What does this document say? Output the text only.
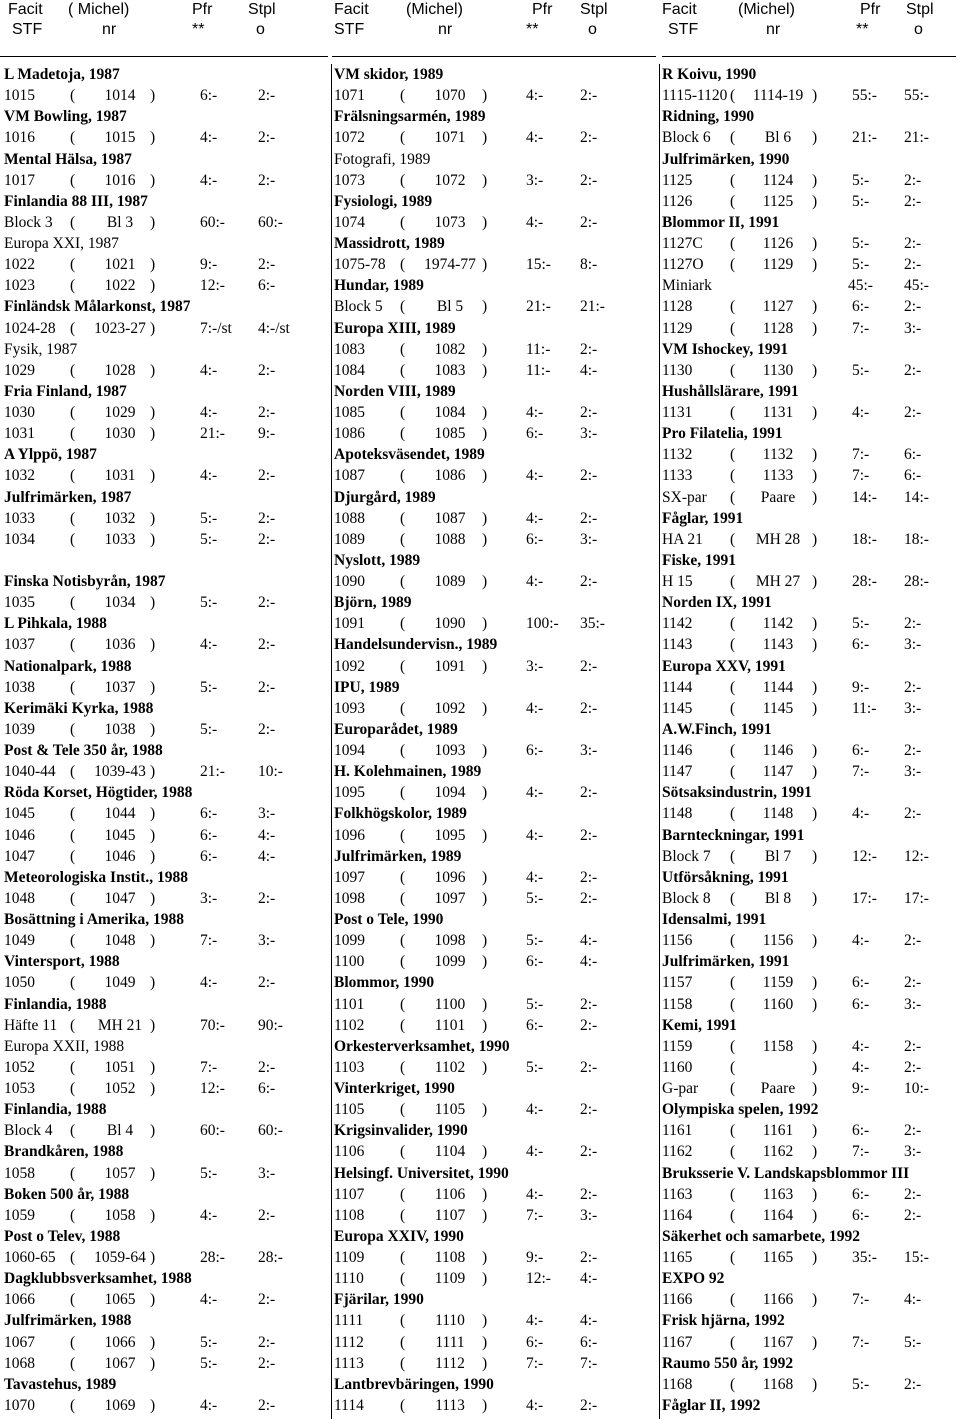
Facit ( Michel)	Pfr Stpl
STF	nr	**	o
L Madetoja, 1987
1015 (	1014 )	6:-	2:-
VM Bowling, 1987
1016 (	1015 )	4:-	2:-
Mental Hälsa, 1987
1017 (	1016 )	4:-	2:-
Finlandia 88 III, 1987
Block 3 (	Bl 3	)	60:- 60:-
Europa XXI, 1987
1022 (	1021 )	9:-	2:-
1023 (	1022 )	12:- 6:-
Finländsk Målarkonst, 1987
1024-28 ( 1023-27 )	7:-/st 4:-/st
Fysik, 1987
1029 (	1028 )	4:-	2:-
Fria Finland, 1987
1030 (	1029 )	4:-	2:-
1031 (	1030 )	21:- 9:-
A Ylppö, 1987
1032 (	1031 )	4:-	2:-
Julfrimärken, 1987
1033 (	1032 )	5:-	2:-
1034 (	1033 )	5:-	2:-
Finska Notisbyrån, 1987
1035 (	1034 )	5:-	2:-
L Pihkala, 1988
1037 (	1036 )	4:-	2:-
Nationalpark, 1988
1038 (	1037 )	5:-	2:-
Kerimäki Kyrka, 1988
1039 (	1038 )	5:-	2:-
Post & Tele 350 år, 1988
1040-44 ( 1039-43 )	21:- 10:-
Röda Korset, Högtider, 1988
1045 (	1044 )	6:-	3:-
1046 (	1045 )	6:-	4:-
1047 (	1046 )	6:-	4:-
Meteorologiska Instit., 1988
1048 (	1047 )	3:-	2:-
Bosättning i Amerika, 1988
1049 (	1048 )	7:-	3:-
Vintersport, 1988
1050 (	1049 )	4:-	2:-
Finlandia, 1988
Häfte 11 (	MH 21 )	70:- 90:-
Europa XXII, 1988
1052 (	1051 )	7:-	2:-
1053 (	1052 )	12:- 6:-
Finlandia, 1988
Block 4 (	Bl 4	)	60:- 60:-
Brandkåren, 1988
1058 (	1057 )	5:-	3:-
Boken 500 år, 1988
1059 (	1058 )	4:-	2:-
Post o Telev, 1988
1060-65 ( 1059-64 )	28:- 28:-
Dagklubbsverksamhet, 1988
1066 (	1065 )	4:-	2:-
Julfrimärken, 1988
1067 (	1066 )	5:-	2:-
1068 (	1067 )	5:-	2:-
Tavastehus, 1989
1070 (	1069 )	4:-	2:-
Facit (Michel)	Pfr Stpl
STF	nr	**	o
VM skidor, 1989
1071 (	1070	)	4:- 2:-
Frälsningsarmén, 1989
1072 (	1071	)	4:- 2:-
Fotografi, 1989
1073 (	1072	)	3:- 2:-
Fysiologi, 1989
1074 (	1073	)	4:- 2:-
Massidrott, 1989
1075-78 ( 1974-77 )	15:- 8:-
Hundar, 1989
Block 5 (	Bl 5	)	21:- 21:-
Europa XIII, 1989
1083 (	1082	)	11:- 2:-
1084 (	1083	)	11:- 4:-
Norden VIII, 1989
1085 (	1084	)	4:- 2:-
1086 (	1085	)	6:- 3:-
Apoteksväsendet, 1989
1087 (	1086	)	4:- 2:-
Djurgård, 1989
1088 (	1087	)	4:- 2:-
1089 (	1088	)	6:- 3:-
Nyslott, 1989
1090 (	1089	)	4:- 2:-
Björn, 1989
1091 (	1090	)	100:- 35:-
Handelsundervisn., 1989
1092 (	1091	)	3:- 2:-
IPU, 1989
1093 (	1092	)	4:- 2:-
Europarådet, 1989
1094 (	1093	)	6:- 3:-
H. Kolehmainen, 1989
1095 (	1094	)	4:- 2:-
Folkhögskolor, 1989
1096 (	1095	)	4:- 2:-
Julfrimärken, 1989
1097 (	1096	)	4:- 2:-
1098 (	1097	)	5:- 2:-
Post o Tele, 1990
1099 (	1098	)	5:- 4:-
1100 (	1099	)	6:- 4:-
Blommor, 1990
1101 (	1100	)	5:- 2:-
1102 (	1101	)	6:- 2:-
Orkesterverksamhet, 1990
1103 (	1102	)	5:- 2:-
Vinterkriget, 1990
1105 (	1105	)	4:- 2:-
Krigsinvalider, 1990
1106 (	1104	)	4:- 2:-
Helsingf. Universitet, 1990
1107 (	1106	)	4:- 2:-
1108 (	1107	)	7:- 3:-
Europa XXIV, 1990
1109 (	1108	)	9:- 2:-
1110 (	1109	)	12:- 4:-
Fjärilar, 1990
1111 (	1110	)	4:- 4:-
1112 (	1111	)	6:- 6:-
1113 (	1112	)	7:- 7:-
Lantbrevbäringen, 1990
1114 (	1113	)	4:- 2:-
Facit	(Michel)	Pfr Stpl
STF	nr	**	o
R Koivu, 1990
1115-1120 ( 1114-19 ) 55:- 55:-
Ridning, 1990
Block 6 (	Bl 6	) 21:- 21:-
Julfrimärken, 1990
1125 (	1124	) 5:- 2:-
1126 (	1125	) 5:- 2:-
Blommor II, 1991
1127C (	1126	) 5:- 2:-
1127O (	1129	) 5:- 2:-
Miniark	45:- 45:-
1128 (	1127	) 6:- 2:-
1129 (	1128	) 7:- 3:-
VM Ishockey, 1991
1130 (	1130	) 5:- 2:-
Hushållslärare, 1991
1131 (	1131	) 4:- 2:-
Pro Filatelia, 1991
1132 (	1132	) 7:- 6:-
1133 (	1133	) 7:- 6:-
SX-par (	Paare	) 14:- 14:-
Fåglar, 1991
HA 21 (	MH 28 ) 18:- 18:-
Fiske, 1991
H 15 (	MH 27 ) 28:- 28:-
Norden IX, 1991
1142 (	1142	) 5:- 2:-
1143 (	1143	) 6:- 3:-
Europa XXV, 1991
1144 (	1144	) 9:- 2:-
1145 (	1145	) 11:- 3:-
A.W.Finch, 1991
1146 (	1146	) 6:- 2:-
1147 (	1147	) 7:- 3:-
Sötsaksindustrin, 1991
1148 (	1148	) 4:- 2:-
Barnteckningar, 1991
Block 7 (	Bl 7	) 12:- 12:-
Utförsåkning, 1991
Block 8 (	Bl 8	) 17:- 17:-
Idensalmi, 1991
1156 (	1156	) 4:- 2:-
Julfrimärken, 1991
1157 (	1159	) 6:- 2:-
1158 (	1160	) 6:- 3:-
Kemi, 1991
1159 (	1158	) 4:- 2:-
1160 (	) 4:- 2:-
G-par (	Paare	) 9:- 10:-
Olympiska spelen, 1992
1161 (	1161	) 6:- 2:-
1162 (	1162	) 7:- 3:-
Bruksserie V. Landskapsblommor III
1163 (	1163	) 6:- 2:-
1164 (	1164	) 6:- 2:-
Säkerhet och samarbete, 1992
1165 (	1165	) 35:- 15:-
EXPO 92
1166 (	1166	) 7:- 4:-
Frisk hjärna, 1992
1167 (	1167	) 7:- 5:-
Raumo 550 år, 1992
1168 (	1168	) 5:- 2:-
Fåglar II, 1992
